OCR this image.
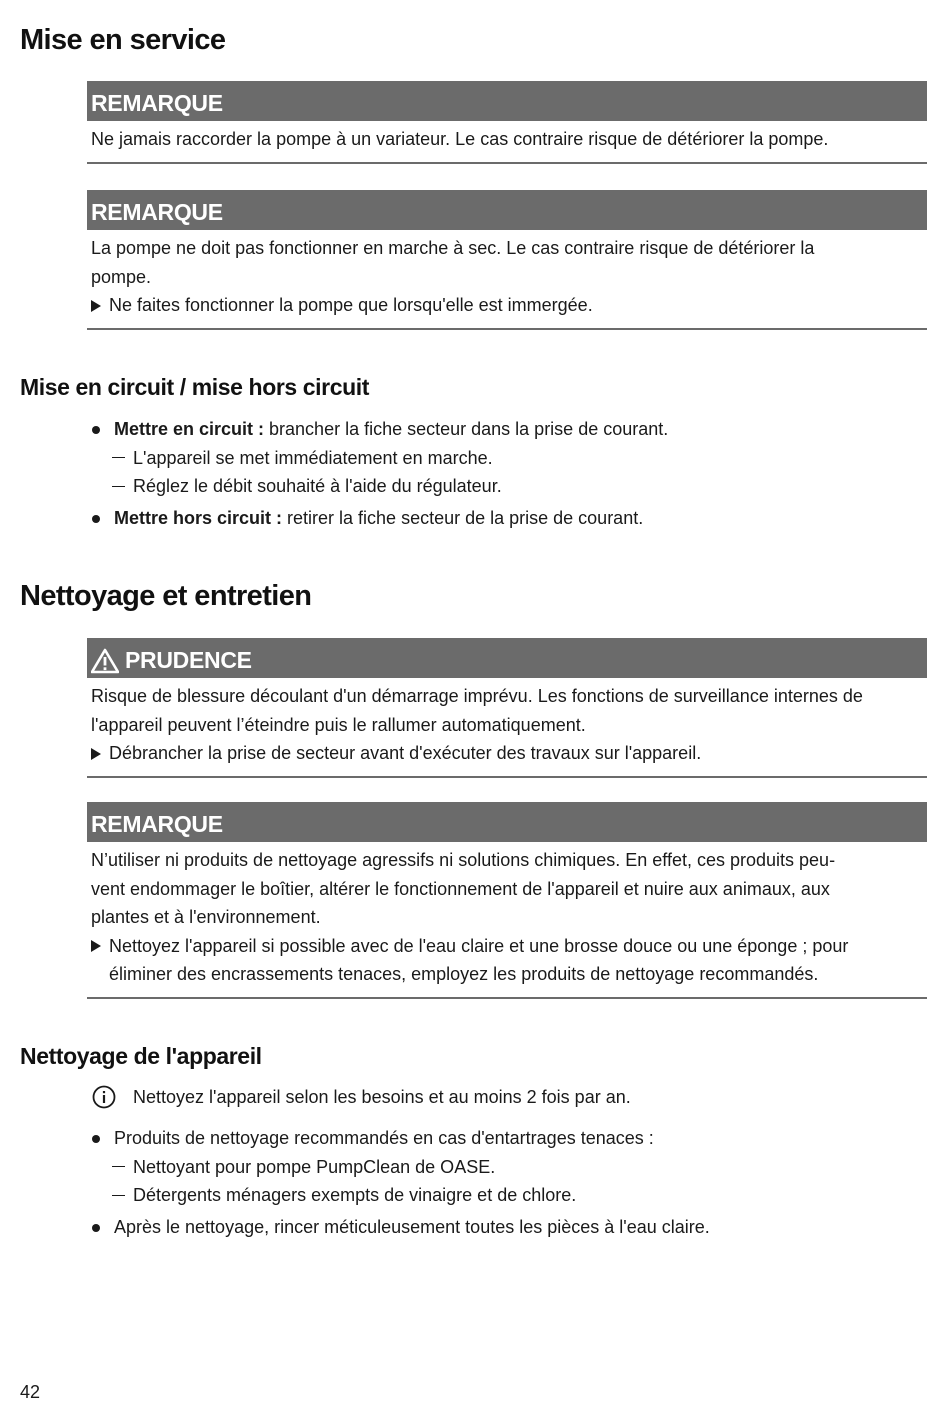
Mise en service
REMARQUE

Ne jamais raccorder la pompe à un variateur. Le cas contraire risque de détériorer la pompe.

REMARQUE

La pompe ne doit pas fonctionner en marche à sec. Le cas contraire risque de détériorer la

pompe.

Ne faites fonctionner la pompe que lorsqu'elle est immergée.
Mise en circuit / mise hors circuit
Mettre en circuit : brancher la fiche secteur dans la prise de courant.
L'appareil se met immédiatement en marche.
Réglez le débit souhaité à l'aide du régulateur.
Mettre hors circuit : retirer la fiche secteur de la prise de courant.
Nettoyage et entretien
PRUDENCE

Risque de blessure découlant d'un démarrage imprévu. Les fonctions de surveillance internes de

l'appareil peuvent l’éteindre puis le rallumer automatiquement.

Débrancher la prise de secteur avant d'exécuter des travaux sur l'appareil.
REMARQUE

N’utiliser ni produits de nettoyage agressifs ni solutions chimiques. En effet, ces produits peu-

vent endommager le boîtier, altérer le fonctionnement de l'appareil et nuire aux animaux, aux

plantes et à l'environnement.

Nettoyez l'appareil si possible avec de l'eau claire et une brosse douce ou une éponge ; pour
éliminer des encrassements tenaces, employez les produits de nettoyage recommandés.
Nettoyage de l'appareil
Nettoyez l'appareil selon les besoins et au moins 2 fois par an.
Produits de nettoyage recommandés en cas d'entartrages tenaces :
Nettoyant pour pompe PumpClean de OASE.
Détergents ménagers exempts de vinaigre et de chlore.
Après le nettoyage, rincer méticuleusement toutes les pièces à l'eau claire.
42
